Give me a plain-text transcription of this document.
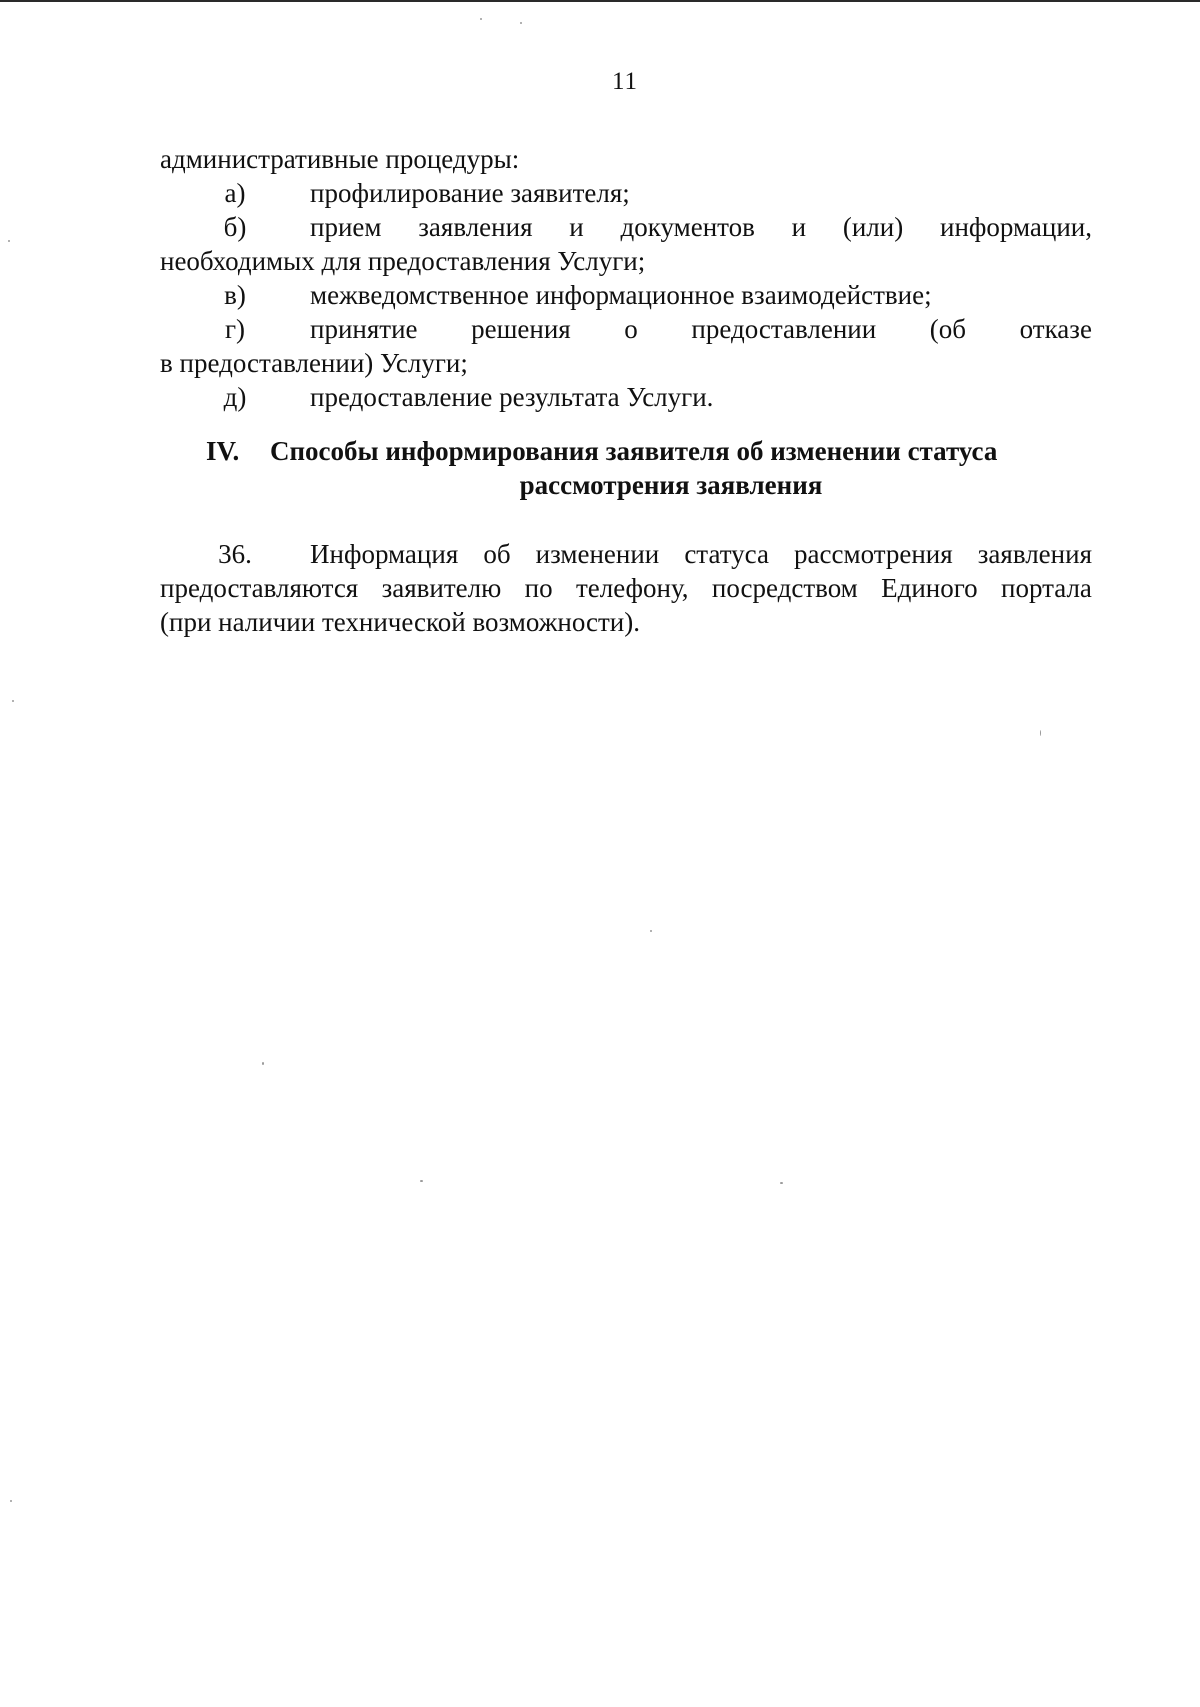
11
административные процедуры:
а) профилирование заявителя;
б)	прием заявления и документов и (или) информации,
необходимых для предоставления Услуги;
в) межведомственное информационное взаимодействие;
г)	принятие решения о предоставлении (об отказе
в предоставлении) Услуги;
д) предоставление результата Услуги.
IV.	Способы информирования заявителя об изменении статуса
рассмотрения заявления
36.	Информация об изменении статуса рассмотрения заявления
предоставляются заявителю по телефону, посредством Единого портала
(при наличии технической возможности).
